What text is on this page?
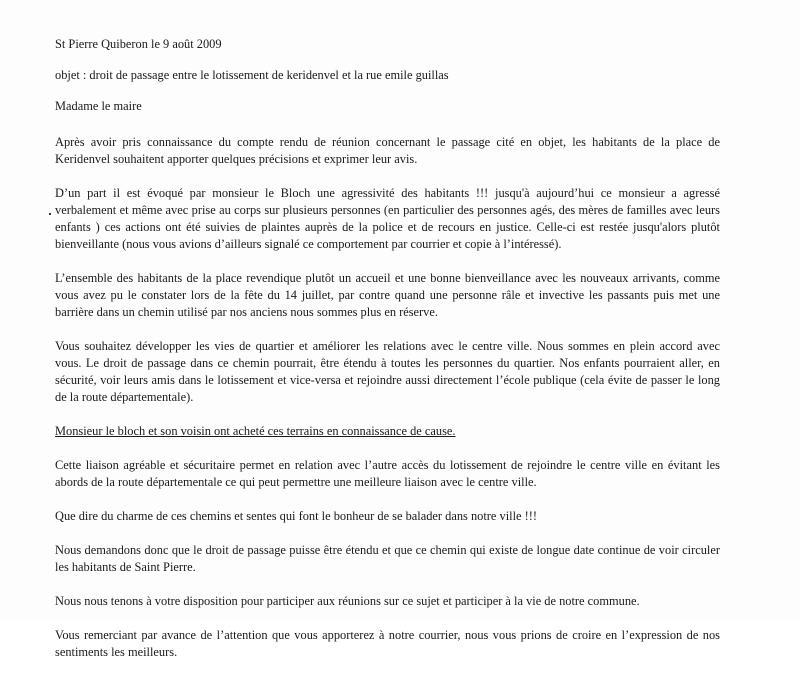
St Pierre Quiberon le 9 août 2009
objet : droit de passage entre le lotissement de keridenvel et la rue emile guillas
Madame le maire
Après avoir pris connaissance du compte rendu de réunion concernant le passage cité en objet, les habitants de la place de
Keridenvel souhaitent apporter quelques précisions et exprimer leur avis.
D’un part il est évoqué par monsieur le Bloch une agressivité des habitants !!! jusqu'à aujourd’hui ce monsieur a agressé
verbalement et même avec prise au corps sur plusieurs personnes (en particulier des personnes agés, des mères de familles avec leurs
enfants ) ces actions ont été suivies de plaintes auprès de la police et de recours en justice. Celle-ci est restée jusqu'alors plutôt
bienveillante (nous vous avions d’ailleurs signalé ce comportement par courrier et copie à l’intéressé).
L’ensemble des habitants de la place revendique plutôt un accueil et une bonne bienveillance avec les nouveaux arrivants, comme
vous avez pu le constater lors de la fête du 14 juillet, par contre quand une personne râle et invective les passants puis met une
barrière dans un chemin utilisé par nos anciens nous sommes plus en réserve.
Vous souhaitez développer les vies de quartier et améliorer les relations avec le centre ville. Nous sommes en plein accord avec
vous. Le droit de passage dans ce chemin pourrait, être étendu à toutes les personnes du quartier. Nos enfants pourraient aller, en
sécurité, voir leurs amis dans le lotissement et vice-versa et rejoindre aussi directement l’école publique (cela évite de passer le long
de la route départementale).
Monsieur le bloch et son voisin ont acheté ces terrains en connaissance de cause.
Cette liaison agréable et sécuritaire permet en relation avec l’autre accès du lotissement de rejoindre le centre ville en évitant les
abords de la route départementale ce qui peut permettre une meilleure liaison avec le centre ville.
Que dire du charme de ces chemins et sentes qui font le bonheur de se balader dans notre ville !!!
Nous demandons donc que le droit de passage puisse être étendu et que ce chemin qui existe de longue date continue de voir circuler
les habitants de Saint Pierre.
Nous nous tenons à votre disposition pour participer aux réunions sur ce sujet et participer à la vie de notre commune.
Vous remerciant par avance de l’attention que vous apporterez à notre courrier, nous vous prions de croire en l’expression de nos
sentiments les meilleurs.
